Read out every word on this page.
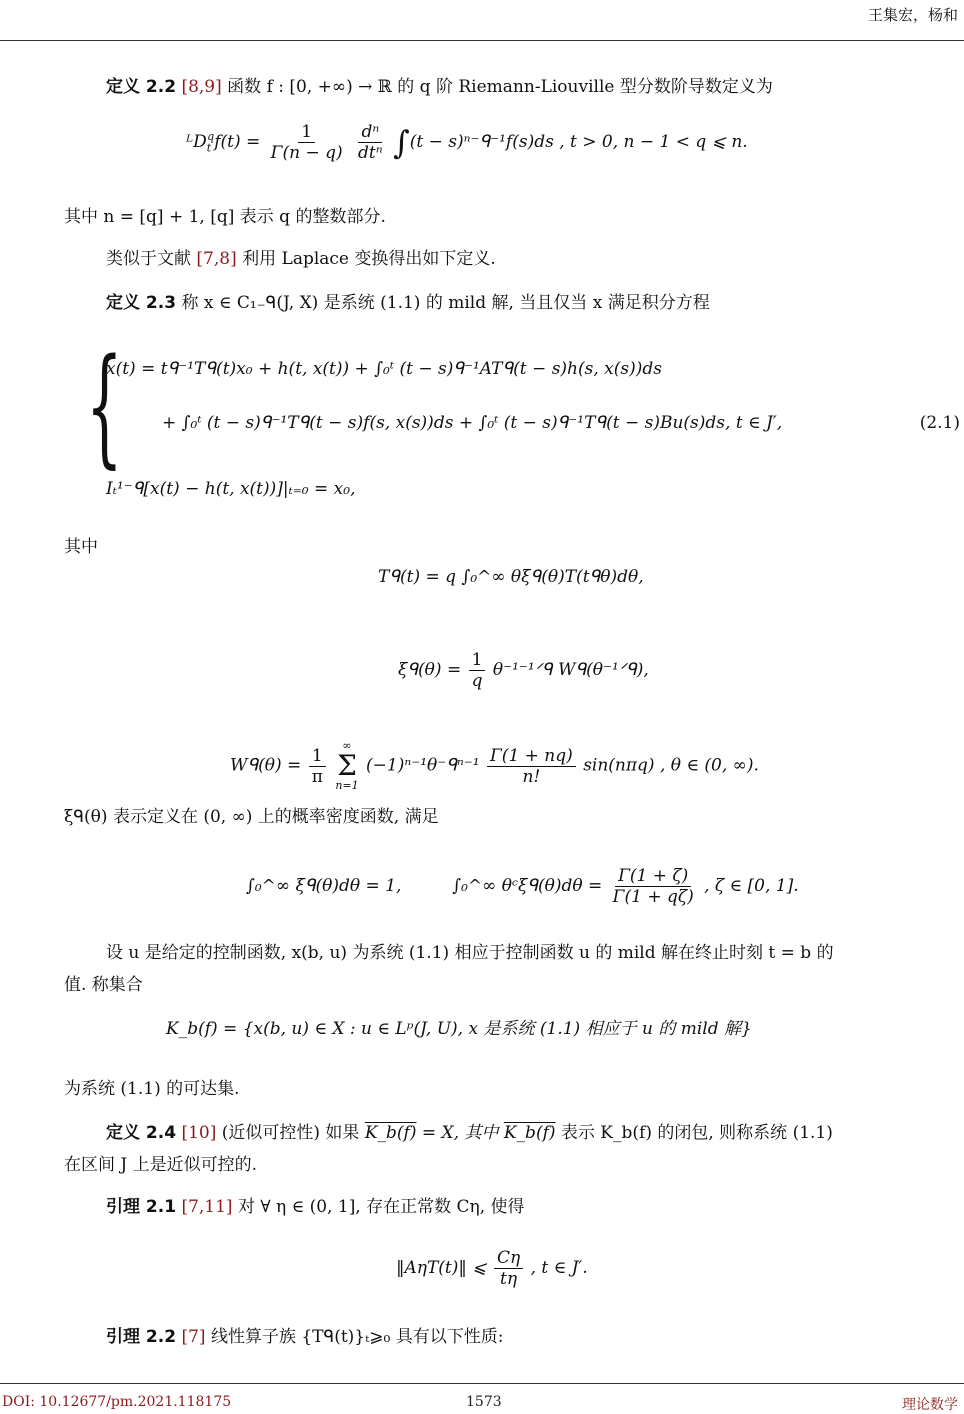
王集宏，杨和
定义 2.2 [8,9] 函数 f : [0, +∞) → ℝ 的 q 阶 Riemann-Liouville 型分数阶导数定义为
ᴸD$_t^q$f(t) = $\frac{1}{\Gamma(n - q)}$
$\frac{\text{dⁿ}}{\text{dtⁿ}} \int(t$ − s)ⁿ⁻ᑫ⁻¹f(s)ds , t > 0, n − 1 < q ⩽ n.
其中 n = [q] + 1, [q] 表示 q 的整数部分.
类似于文献 [7,8] 利用 Laplace 变换得出如下定义.
定义 2.3 称 x ∈ C₁₋ᑫ(J, X) 是系统 (1.1) 的 mild 解, 当且仅当 x 满足积分方程
{
x(t) = tᑫ⁻¹Tᑫ(t)x₀ + h(t, x(t)) + ∫₀ᵗ (t − s)ᑫ⁻¹ATᑫ(t − s)h(s, x(s))ds
+ ∫₀ᵗ (t − s)ᑫ⁻¹Tᑫ(t − s)f(s, x(s))ds + ∫₀ᵗ (t − s)ᑫ⁻¹Tᑫ(t − s)Bu(s)ds, t ∈ J′,	(2.1)
Iₜ¹⁻ᑫ[x(t) − h(t, x(t))]|ₜ₌₀ = x₀,
其中
Tᑫ(t) = q ∫₀^∞ θξᑫ(θ)T(tᑫθ)dθ,
ξᑫ(θ) = $\frac{1}{q}$ θ⁻¹⁻¹ᐟᑫ Wᑫ(θ⁻¹ᐟᑫ),
Wᑫ(θ) = $\frac{1}{\pi}$
∞
Σ
n=1
(−1)ⁿ⁻¹θ⁻ᑫⁿ⁻¹ $\frac{\Gamma(1 + nq)}{n!} \sin(n\pi q)$ , θ ∈ (0, ∞).
ξᑫ(θ) 表示定义在 (0, ∞) 上的概率密度函数, 满足
∫₀^∞ ξᑫ(θ)dθ = 1,	∫₀^∞ θᶜξᑫ(θ)dθ = $\frac{\Gamma(1 + \zeta)}{\Gamma(1 + q\zeta)}$ , ζ ∈ [0, 1].
设 u 是给定的控制函数, x(b, u) 为系统 (1.1) 相应于控制函数 u 的 mild 解在终止时刻 t = b 的
值. 称集合
K_b(f) = {x(b, u) ∈ X : u ∈ Lᵖ(J, U), x 是系统 (1.1) 相应于 u 的 mild 解}
为系统 (1.1) 的可达集.
定义 2.4 [10] (近似可控性) 如果 K_b(f) = X, 其中 K_b(f) 表示 K_b(f) 的闭包, 则称系统 (1.1)
在区间 J 上是近似可控的.
引理 2.1 [7,11] 对 ∀ η ∈ (0, 1], 存在正常数 Cη, 使得
‖AηT(t)‖ ⩽ $\frac{C\eta}{t\eta}$ , t ∈ J′.
引理 2.2 [7] 线性算子族 {Tᑫ(t)}ₜ⩾₀ 具有以下性质:
DOI: 10.12677/pm.2021.118175	1573	理论数学
